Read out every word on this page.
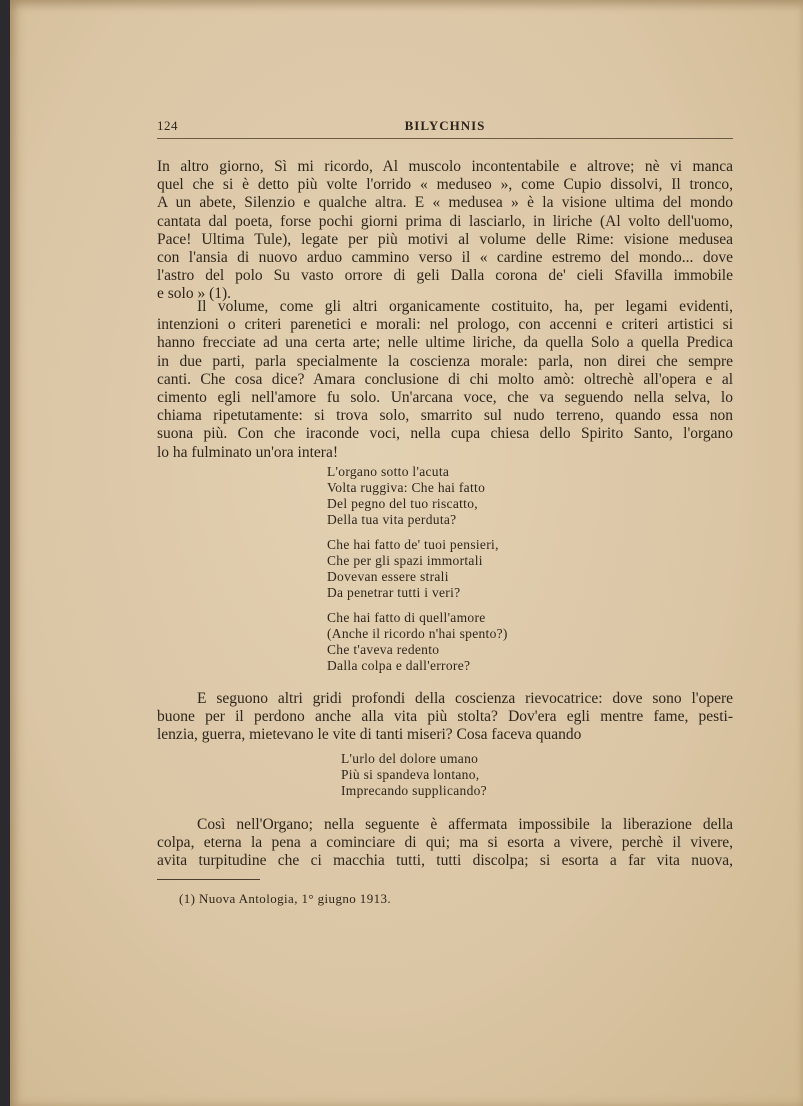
124	BILYCHNIS

In altro giorno, Sì mi ricordo, Al muscolo incontentabile e altrove; nè vi manca
quel che si è detto più volte l'orrido « meduseo », come Cupio dissolvi, Il tronco,
A un abete, Silenzio e qualche altra. E « medusea » è la visione ultima del mondo
cantata dal poeta, forse pochi giorni prima di lasciarlo, in liriche (Al volto dell'uomo,
Pace! Ultima Tule), legate per più motivi al volume delle Rime: visione medusea
con l'ansia di nuovo arduo cammino verso il « cardine estremo del mondo... dove
l'astro del polo Su vasto orrore di geli Dalla corona de' cieli Sfavilla immobile
e solo » (1).

Il volume, come gli altri organicamente costituito, ha, per legami evidenti,
intenzioni o criteri parenetici e morali: nel prologo, con accenni e criteri artistici si
hanno frecciate ad una certa arte; nelle ultime liriche, da quella Solo a quella Predica
in due parti, parla specialmente la coscienza morale: parla, non direi che sempre
canti. Che cosa dice? Amara conclusione di chi molto amò: oltrechè all'opera e al
cimento egli nell'amore fu solo. Un'arcana voce, che va seguendo nella selva, lo
chiama ripetutamente: si trova solo, smarrito sul nudo terreno, quando essa non
suona più. Con che iraconde voci, nella cupa chiesa dello Spirito Santo, l'organo
lo ha fulminato un'ora intera!

L'organo sotto l'acuta
Volta ruggiva: Che hai fatto
Del pegno del tuo riscatto,
Della tua vita perduta?
Che hai fatto de' tuoi pensieri,
Che per gli spazi immortali
Dovevan essere strali
Da penetrar tutti i veri?
Che hai fatto di quell'amore
(Anche il ricordo n'hai spento?)
Che t'aveva redento
Dalla colpa e dall'errore?

E seguono altri gridi profondi della coscienza rievocatrice: dove sono l'opere
buone per il perdono anche alla vita più stolta? Dov'era egli mentre fame, pesti-
lenzia, guerra, mietevano le vite di tanti miseri? Cosa faceva quando

L'urlo del dolore umano
Più si spandeva lontano,
Imprecando supplicando?

Così nell'Organo; nella seguente è affermata impossibile la liberazione della
colpa, eterna la pena a cominciare di qui; ma si esorta a vivere, perchè il vivere,
avita turpitudine che ci macchia tutti, tutti discolpa; si esorta a far vita nuova,

(1) Nuova Antologia, 1° giugno 1913.
